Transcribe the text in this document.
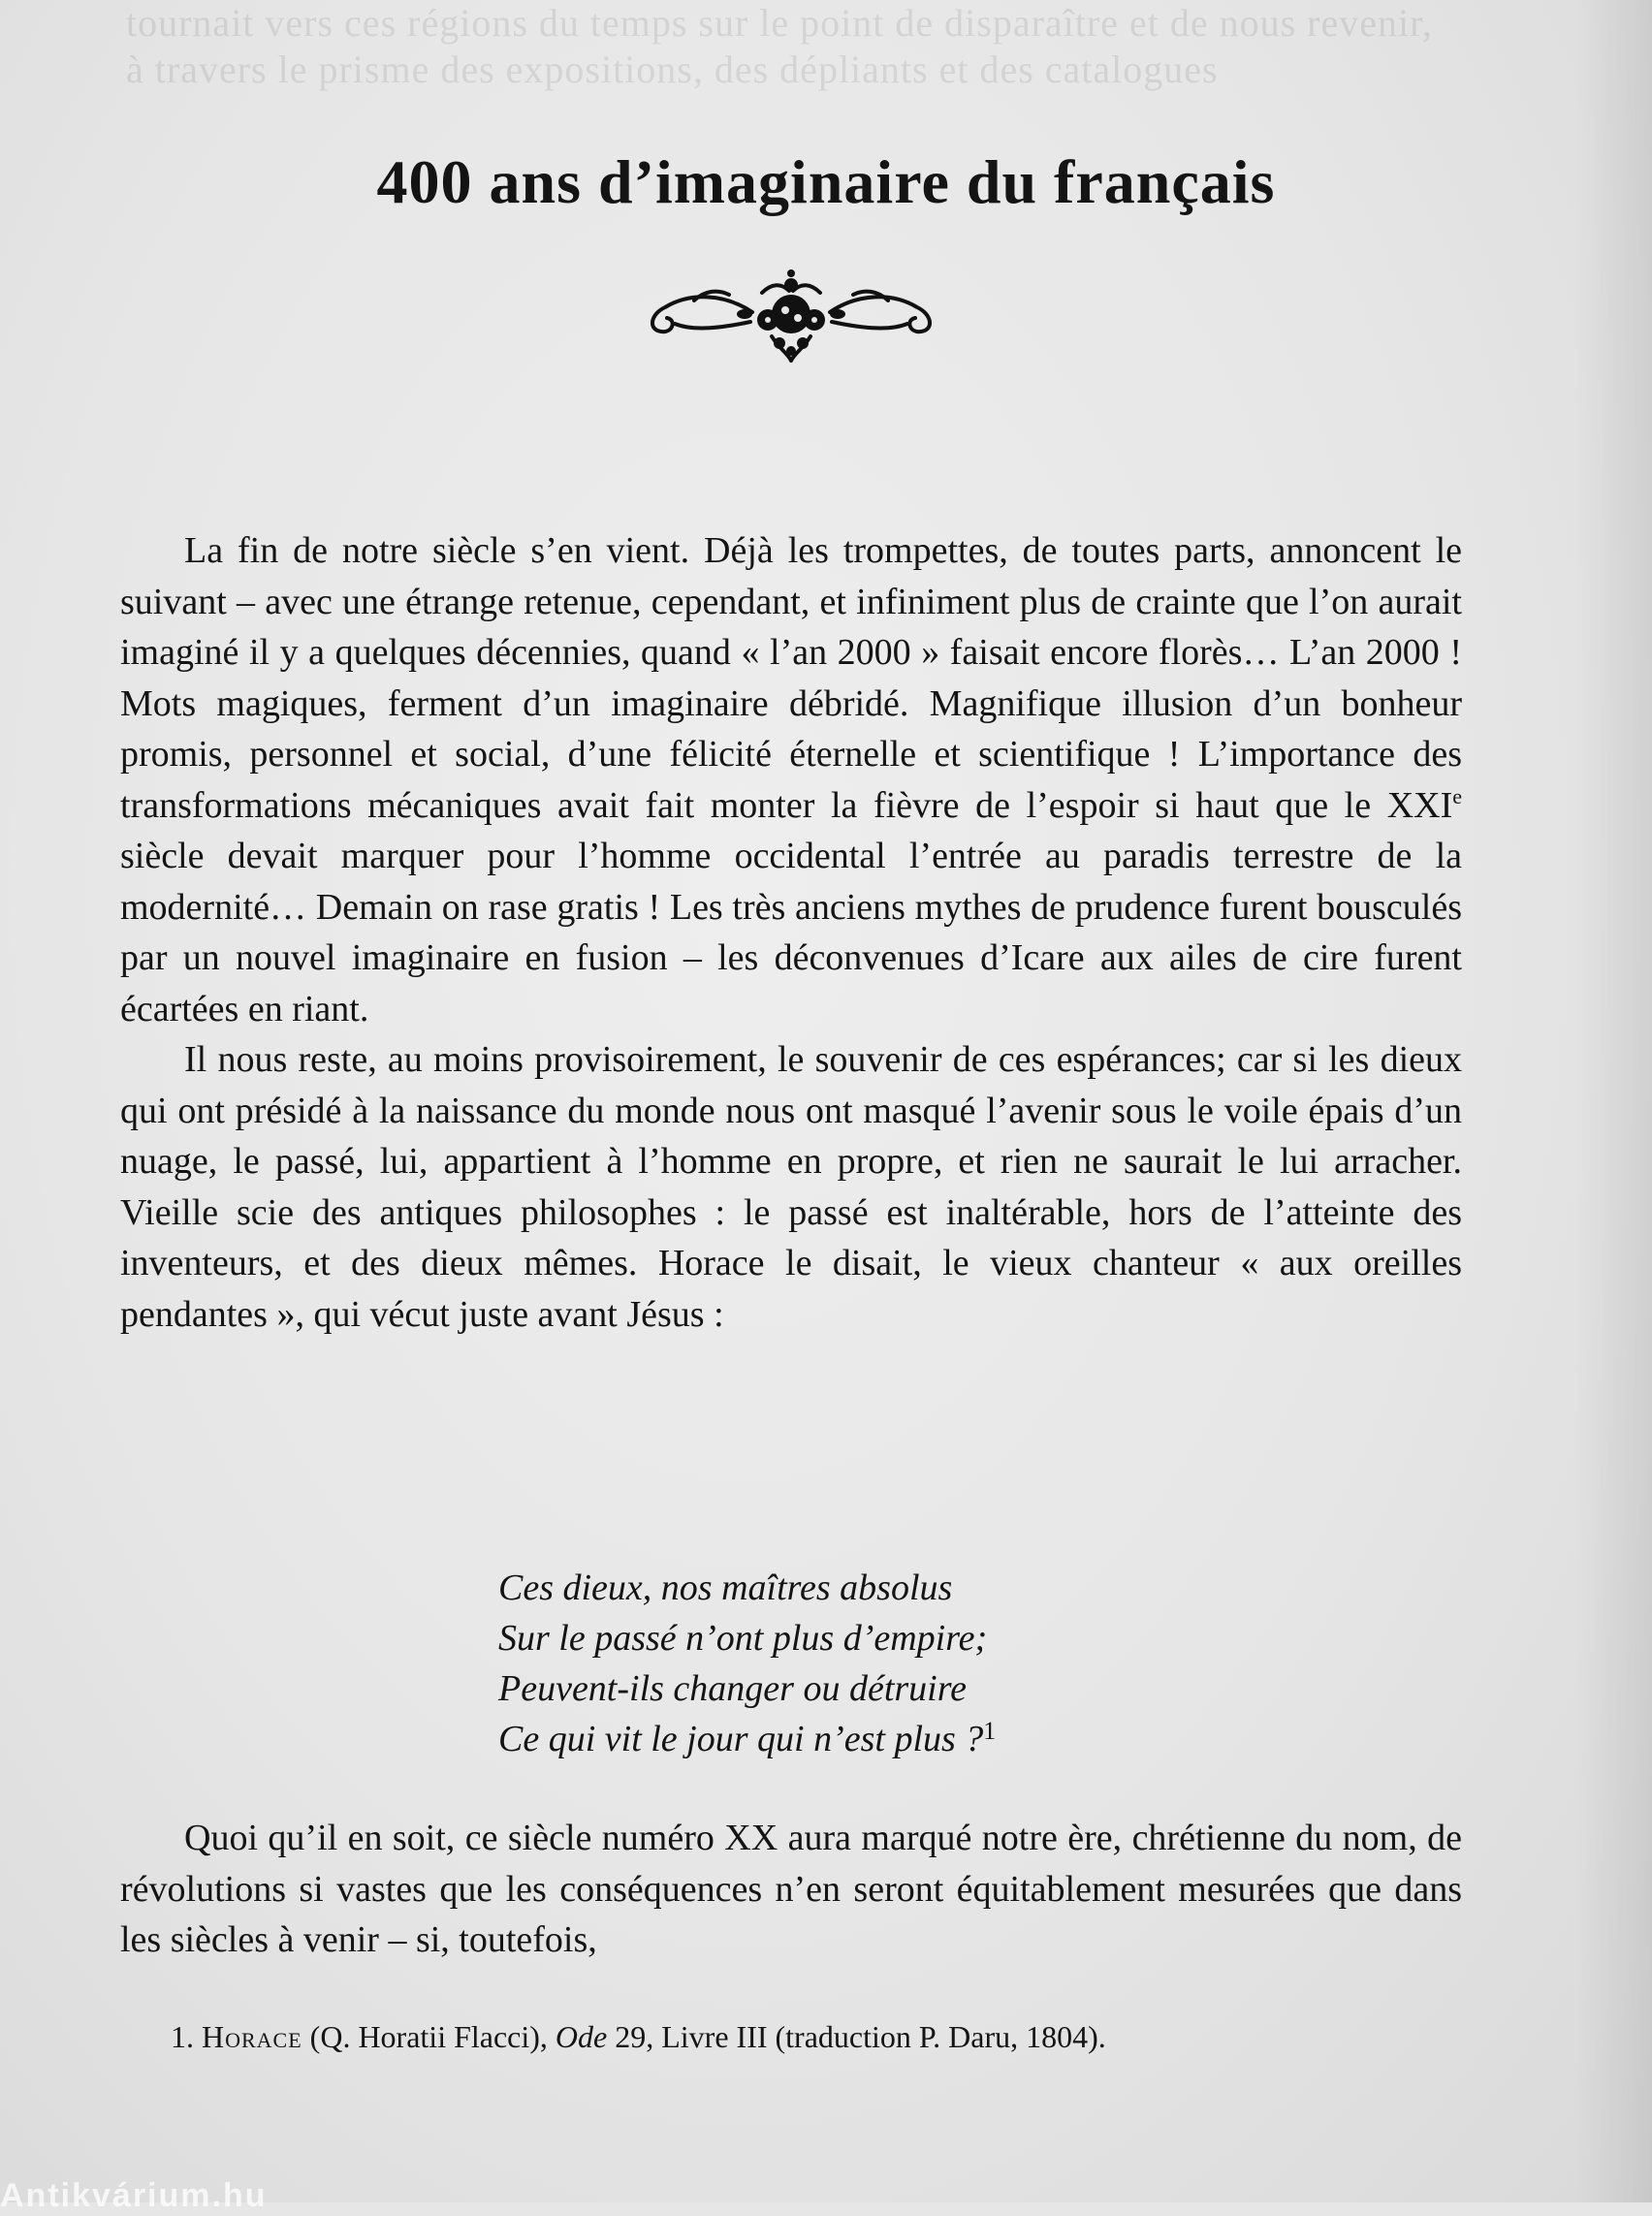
tournait vers ces régions du temps sur le point de disparaître et de nous revenir, à travers le prisme des expositions, des dépliants et des catalogues
400 ans d’imaginaire du français

La fin de notre siècle s’en vient. Déjà les trompettes, de toutes parts, annoncent le suivant – avec une étrange retenue, cependant, et infiniment plus de crainte que l’on aurait imaginé il y a quelques décennies, quand « l’an 2000 » faisait encore florès… L’an 2000 ! Mots magiques, ferment d’un imaginaire débridé. Magnifique illusion d’un bonheur promis, personnel et social, d’une félicité éternelle et scientifique ! L’importance des transformations mécaniques avait fait monter la fièvre de l’espoir si haut que le XXIe siècle devait marquer pour l’homme occidental l’entrée au paradis terrestre de la modernité… Demain on rase gratis ! Les très anciens mythes de prudence furent bousculés par un nouvel imaginaire en fusion – les déconvenues d’Icare aux ailes de cire furent écartées en riant.

Il nous reste, au moins provisoirement, le souvenir de ces espérances; car si les dieux qui ont présidé à la naissance du monde nous ont masqué l’avenir sous le voile épais d’un nuage, le passé, lui, appartient à l’homme en propre, et rien ne saurait le lui arracher. Vieille scie des antiques philosophes : le passé est inaltérable, hors de l’atteinte des inventeurs, et des dieux mêmes. Horace le disait, le vieux chanteur « aux oreilles pendantes », qui vécut juste avant Jésus :

Ces dieux, nos maîtres absolus
Sur le passé n’ont plus d’empire;
Peuvent-ils changer ou détruire
Ce qui vit le jour qui n’est plus ?$^1$

Quoi qu’il en soit, ce siècle numéro XX aura marqué notre ère, chrétienne du nom, de révolutions si vastes que les conséquences n’en seront équitablement mesurées que dans les siècles à venir – si, toutefois,

1. Horace (Q. Horatii Flacci), Ode 29, Livre III (traduction P. Daru, 1804).
Antikvárium.hu
